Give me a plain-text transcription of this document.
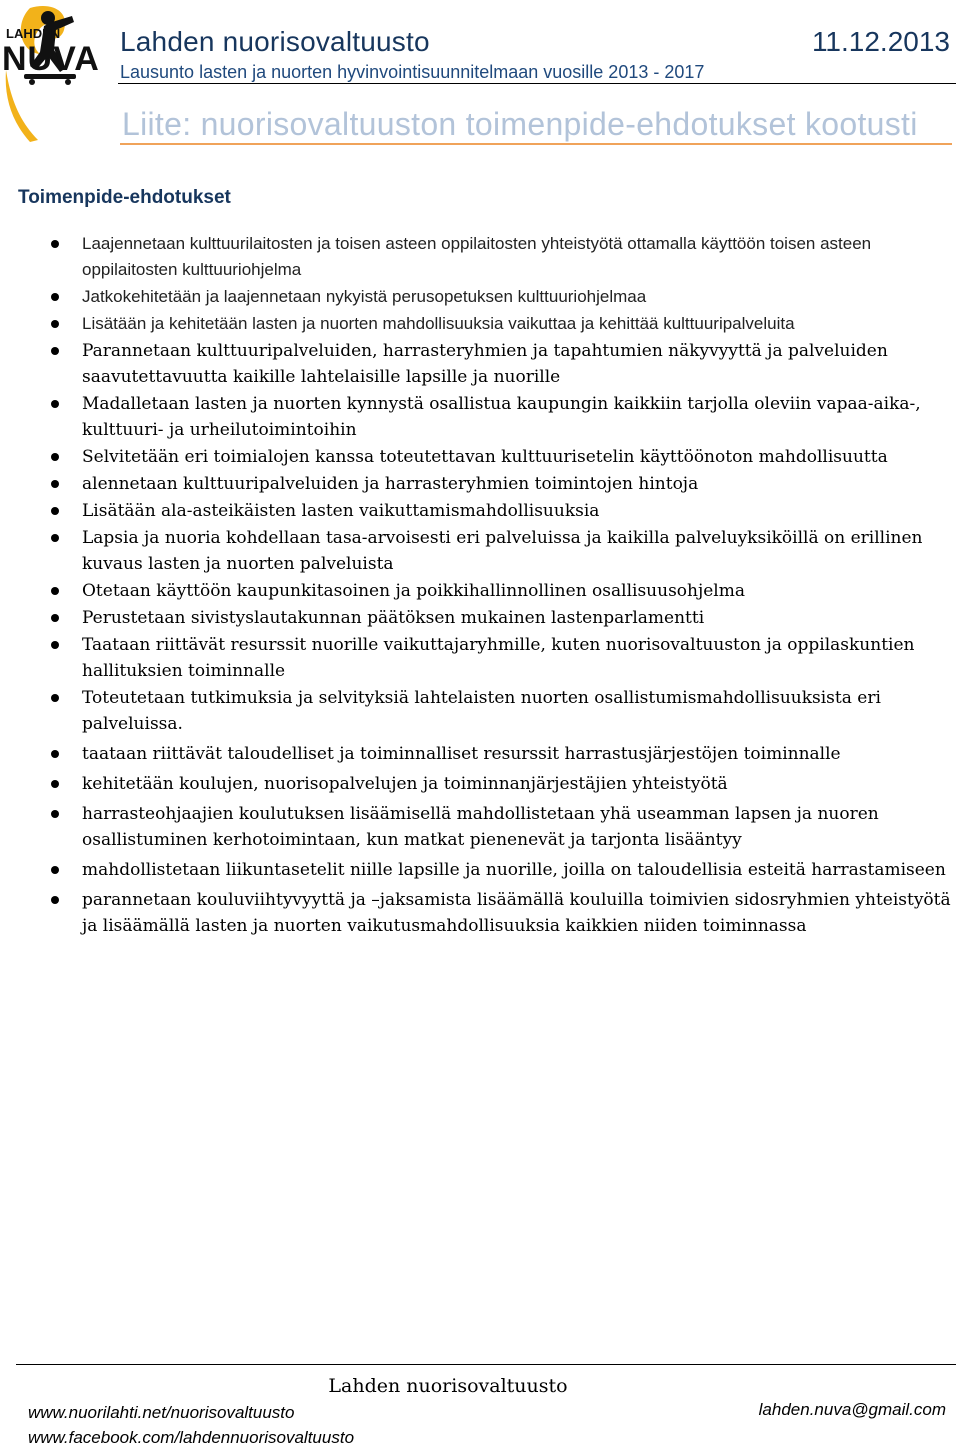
LAHDEN
NUVA Lahden nuorisovaltuusto	11.12.2013
Lausunto lasten ja nuorten hyvinvointisuunnitelmaan vuosille 2013 - 2017
Liite: nuorisovaltuuston toimenpide-ehdotukset kootusti
Toimenpide-ehdotukset
Laajennetaan kulttuurilaitosten ja toisen asteen oppilaitosten yhteistyötä ottamalla käyttöön toisen asteen oppilaitosten kulttuuriohjelma
Jatkokehitetään ja laajennetaan nykyistä perusopetuksen kulttuuriohjelmaa
Lisätään ja kehitetään lasten ja nuorten mahdollisuuksia vaikuttaa ja kehittää kulttuuripalveluita
Parannetaan kulttuuripalveluiden, harrasteryhmien ja tapahtumien näkyvyyttä ja palveluiden saavutettavuutta kaikille lahtelaisille lapsille ja nuorille
Madalletaan lasten ja nuorten kynnystä osallistua kaupungin kaikkiin tarjolla oleviin vapaa-aika-, kulttuuri- ja urheilutoimintoihin
Selvitetään eri toimialojen kanssa toteutettavan kulttuurisetelin käyttöönoton mahdollisuutta
alennetaan kulttuuripalveluiden ja harrasteryhmien toimintojen hintoja
Lisätään ala-asteikäisten lasten vaikuttamismahdollisuuksia
Lapsia ja nuoria kohdellaan tasa-arvoisesti eri palveluissa ja kaikilla palveluyksiköillä on erillinen kuvaus lasten ja nuorten palveluista
Otetaan käyttöön kaupunkitasoinen ja poikkihallinnollinen osallisuusohjelma
Perustetaan sivistyslautakunnan päätöksen mukainen lastenparlamentti
Taataan riittävät resurssit nuorille vaikuttajaryhmille, kuten nuorisovaltuuston ja oppilaskuntien hallituksien toiminnalle
Toteutetaan tutkimuksia ja selvityksiä lahtelaisten nuorten osallistumismahdollisuuksista eri palveluissa.
taataan riittävät taloudelliset ja toiminnalliset resurssit harrastusjärjestöjen toiminnalle
kehitetään koulujen, nuorisopalvelujen ja toiminnanjärjestäjien yhteistyötä
harrasteohjaajien koulutuksen lisäämisellä mahdollistetaan yhä useamman lapsen ja nuoren osallistuminen kerhotoimintaan, kun matkat pienenevät ja tarjonta lisääntyy
mahdollistetaan liikuntasetelit niille lapsille ja nuorille, joilla on taloudellisia esteitä harrastamiseen
parannetaan kouluviihtyvyyttä ja –jaksamista lisäämällä kouluilla toimivien sidosryhmien yhteistyötä ja lisäämällä lasten ja nuorten vaikutusmahdollisuuksia kaikkien niiden toiminnassa
Lahden nuorisovaltuusto
www.nuorilahti.net/nuorisovaltuusto
www.facebook.com/lahdennuorisovaltuusto
lahden.nuva@gmail.com
